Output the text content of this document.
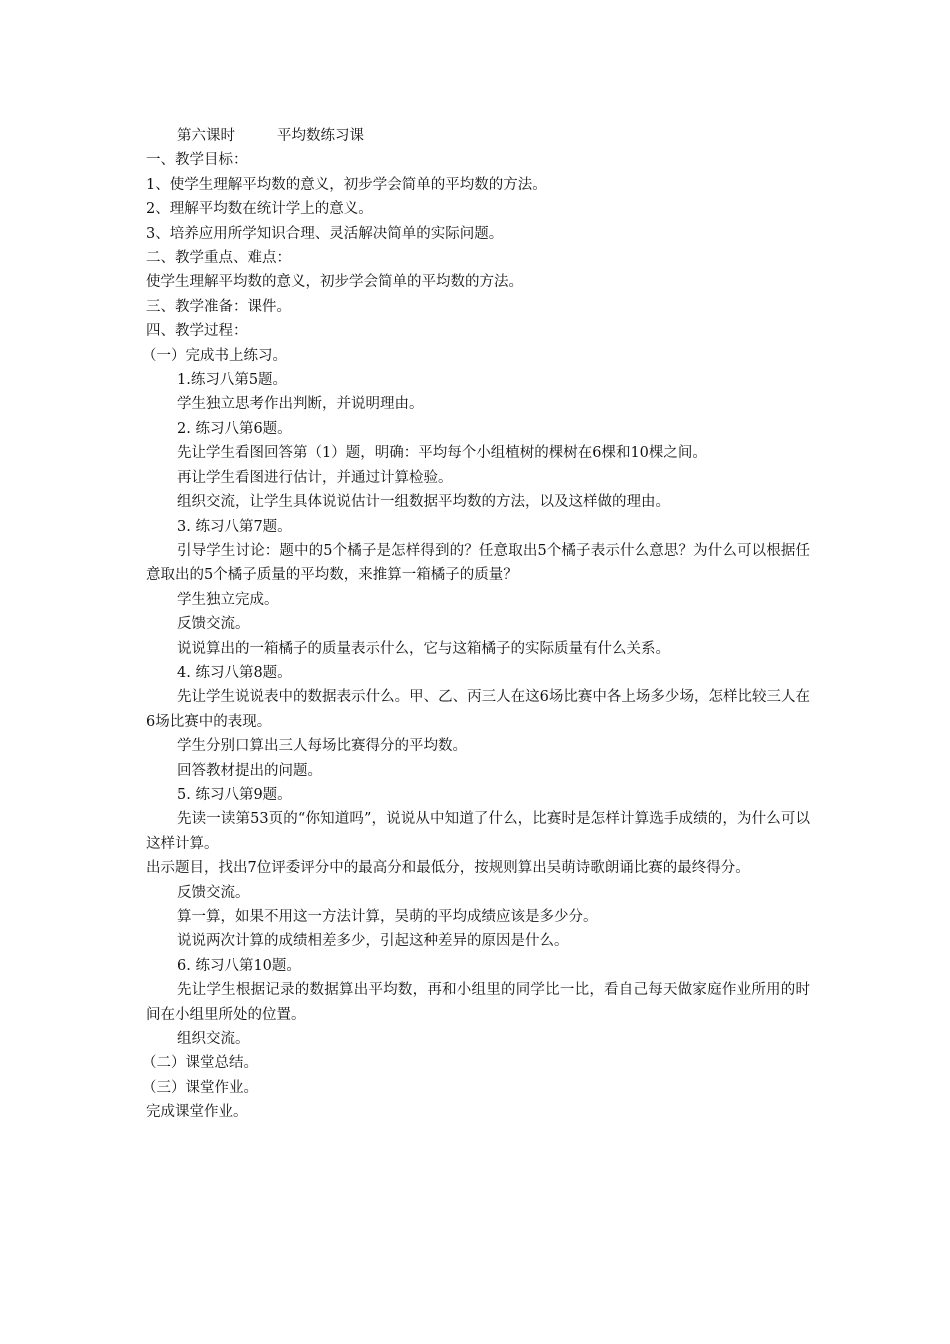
第六课时	平均数练习课

一、教学目标：

1、使学生理解平均数的意义，初步学会简单的平均数的方法。

2、理解平均数在统计学上的意义。

3、培养应用所学知识合理、灵活解决简单的实际问题。

二、教学重点、难点：

使学生理解平均数的意义，初步学会简单的平均数的方法。

三、教学准备：课件。

四、教学过程：

（一）完成书上练习。

1.练习八第5题。

学生独立思考作出判断，并说明理由。

2. 练习八第6题。

先让学生看图回答第（1）题，明确：平均每个小组植树的棵树在6棵和10棵之间。

再让学生看图进行估计，并通过计算检验。

组织交流，让学生具体说说估计一组数据平均数的方法，以及这样做的理由。

3. 练习八第7题。

引导学生讨论：题中的5个橘子是怎样得到的？任意取出5个橘子表示什么意思？为什么可以根据任意取出的5个橘子质量的平均数，来推算一箱橘子的质量？

学生独立完成。

反馈交流。

说说算出的一箱橘子的质量表示什么，它与这箱橘子的实际质量有什么关系。

4. 练习八第8题。

先让学生说说表中的数据表示什么。甲、乙、丙三人在这6场比赛中各上场多少场，怎样比较三人在6场比赛中的表现。

学生分别口算出三人每场比赛得分的平均数。

回答教材提出的问题。

5. 练习八第9题。

先读一读第53页的“你知道吗”，说说从中知道了什么，比赛时是怎样计算选手成绩的，为什么可以这样计算。

出示题目，找出7位评委评分中的最高分和最低分，按规则算出吴萌诗歌朗诵比赛的最终得分。

反馈交流。

算一算，如果不用这一方法计算，吴萌的平均成绩应该是多少分。

说说两次计算的成绩相差多少，引起这种差异的原因是什么。

6. 练习八第10题。

先让学生根据记录的数据算出平均数，再和小组里的同学比一比，看自己每天做家庭作业所用的时间在小组里所处的位置。

组织交流。

（二）课堂总结。

（三）课堂作业。

完成课堂作业。
